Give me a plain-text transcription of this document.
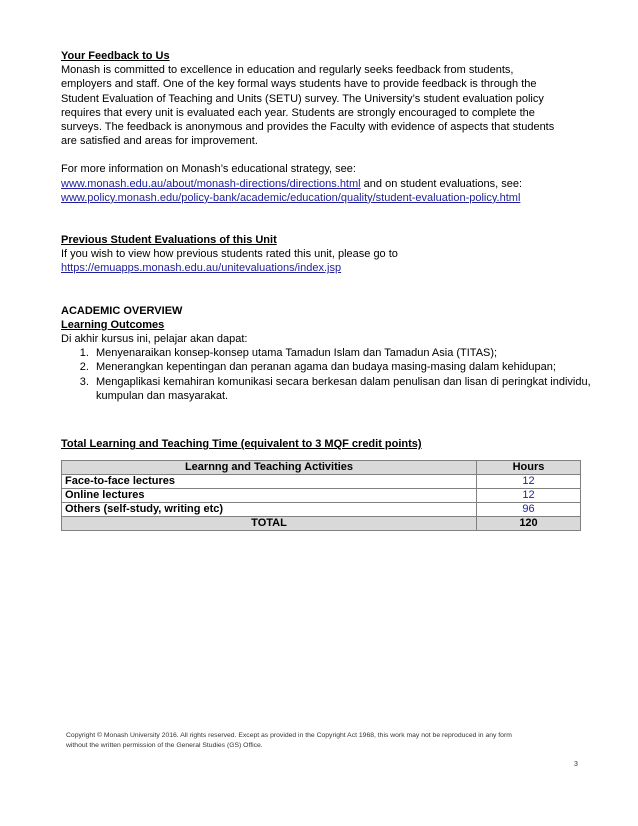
Your Feedback to Us

Monash is committed to excellence in education and regularly seeks feedback from students,

employers and staff. One of the key formal ways students have to provide feedback is through the

Student Evaluation of Teaching and Units (SETU) survey. The University’s student evaluation policy

requires that every unit is evaluated each year. Students are strongly encouraged to complete the

surveys. The feedback is anonymous and provides the Faculty with evidence of aspects that students

are satisfied and areas for improvement.

For more information on Monash’s educational strategy, see:

www.monash.edu.au/about/monash-directions/directions.html and on student evaluations, see:

www.policy.monash.edu/policy-bank/academic/education/quality/student-evaluation-policy.html

Previous Student Evaluations of this Unit

If you wish to view how previous students rated this unit, please go to

https://emuapps.monash.edu.au/unitevaluations/index.jsp

ACADEMIC OVERVIEW

Learning Outcomes

Di akhir kursus ini, pelajar akan dapat:

1. Menyenaraikan konsep-konsep utama Tamadun Islam dan Tamadun Asia (TITAS);
2. Menerangkan kepentingan dan peranan agama dan budaya masing-masing dalam kehidupan;
3. Mengaplikasi kemahiran komunikasi secara berkesan dalam penulisan dan lisan di peringkat individu, kumpulan dan masyarakat.

Total Learning and Teaching Time (equivalent to 3 MQF credit points)

Learnng and Teaching Activities	Hours
Face-to-face lectures	12
Online lectures	12
Others (self-study, writing etc)	96
TOTAL	120
Copyright © Monash University 2016. All rights reserved. Except as provided in the Copyright Act 1968, this work may not be reproduced in any form
without the written permission of the General Studies (GS) Office.
3
